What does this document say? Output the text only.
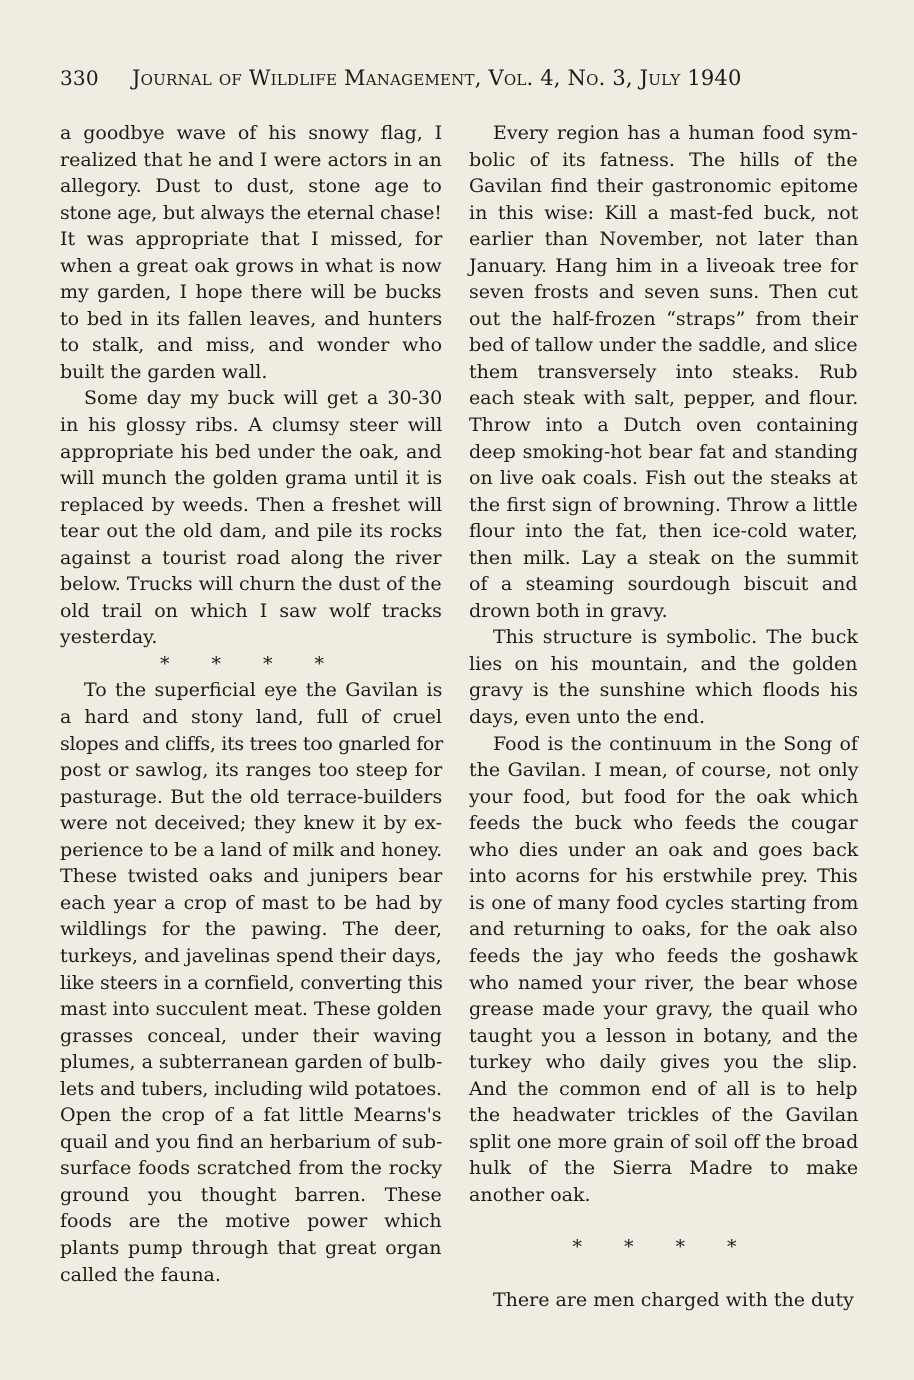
330 Journal of Wildlife Management, Vol. 4, No. 3, July 1940
a goodbye wave of his snowy flag, I
realized that he and I were actors in an
allegory. Dust to dust, stone age to
stone age, but always the eternal chase!
It was appropriate that I missed, for
when a great oak grows in what is now
my garden, I hope there will be bucks
to bed in its fallen leaves, and hunters
to stalk, and miss, and wonder who
built the garden wall.
Some day my buck will get a 30-30
in his glossy ribs. A clumsy steer will
appropriate his bed under the oak, and
will munch the golden grama until it is
replaced by weeds. Then a freshet will
tear out the old dam, and pile its rocks
against a tourist road along the river
below. Trucks will churn the dust of the
old trail on which I saw wolf tracks
yesterday.
* * * *
To the superficial eye the Gavilan is
a hard and stony land, full of cruel
slopes and cliffs, its trees too gnarled for
post or sawlog, its ranges too steep for
pasturage. But the old terrace-builders
were not deceived; they knew it by ex-
perience to be a land of milk and honey.
These twisted oaks and junipers bear
each year a crop of mast to be had by
wildlings for the pawing. The deer,
turkeys, and javelinas spend their days,
like steers in a cornfield, converting this
mast into succulent meat. These golden
grasses conceal, under their waving
plumes, a subterranean garden of bulb-
lets and tubers, including wild potatoes.
Open the crop of a fat little Mearns's
quail and you find an herbarium of sub-
surface foods scratched from the rocky
ground you thought barren. These
foods are the motive power which
plants pump through that great organ
called the fauna.
Every region has a human food sym-
bolic of its fatness. The hills of the
Gavilan find their gastronomic epitome
in this wise: Kill a mast-fed buck, not
earlier than November, not later than
January. Hang him in a liveoak tree for
seven frosts and seven suns. Then cut
out the half-frozen “straps” from their
bed of tallow under the saddle, and slice
them transversely into steaks. Rub
each steak with salt, pepper, and flour.
Throw into a Dutch oven containing
deep smoking-hot bear fat and standing
on live oak coals. Fish out the steaks at
the first sign of browning. Throw a little
flour into the fat, then ice-cold water,
then milk. Lay a steak on the summit
of a steaming sourdough biscuit and
drown both in gravy.
This structure is symbolic. The buck
lies on his mountain, and the golden
gravy is the sunshine which floods his
days, even unto the end.
Food is the continuum in the Song of
the Gavilan. I mean, of course, not only
your food, but food for the oak which
feeds the buck who feeds the cougar
who dies under an oak and goes back
into acorns for his erstwhile prey. This
is one of many food cycles starting from
and returning to oaks, for the oak also
feeds the jay who feeds the goshawk
who named your river, the bear whose
grease made your gravy, the quail who
taught you a lesson in botany, and the
turkey who daily gives you the slip.
And the common end of all is to help
the headwater trickles of the Gavilan
split one more grain of soil off the broad
hulk of the Sierra Madre to make
another oak.
* * * *
There are men charged with the duty
